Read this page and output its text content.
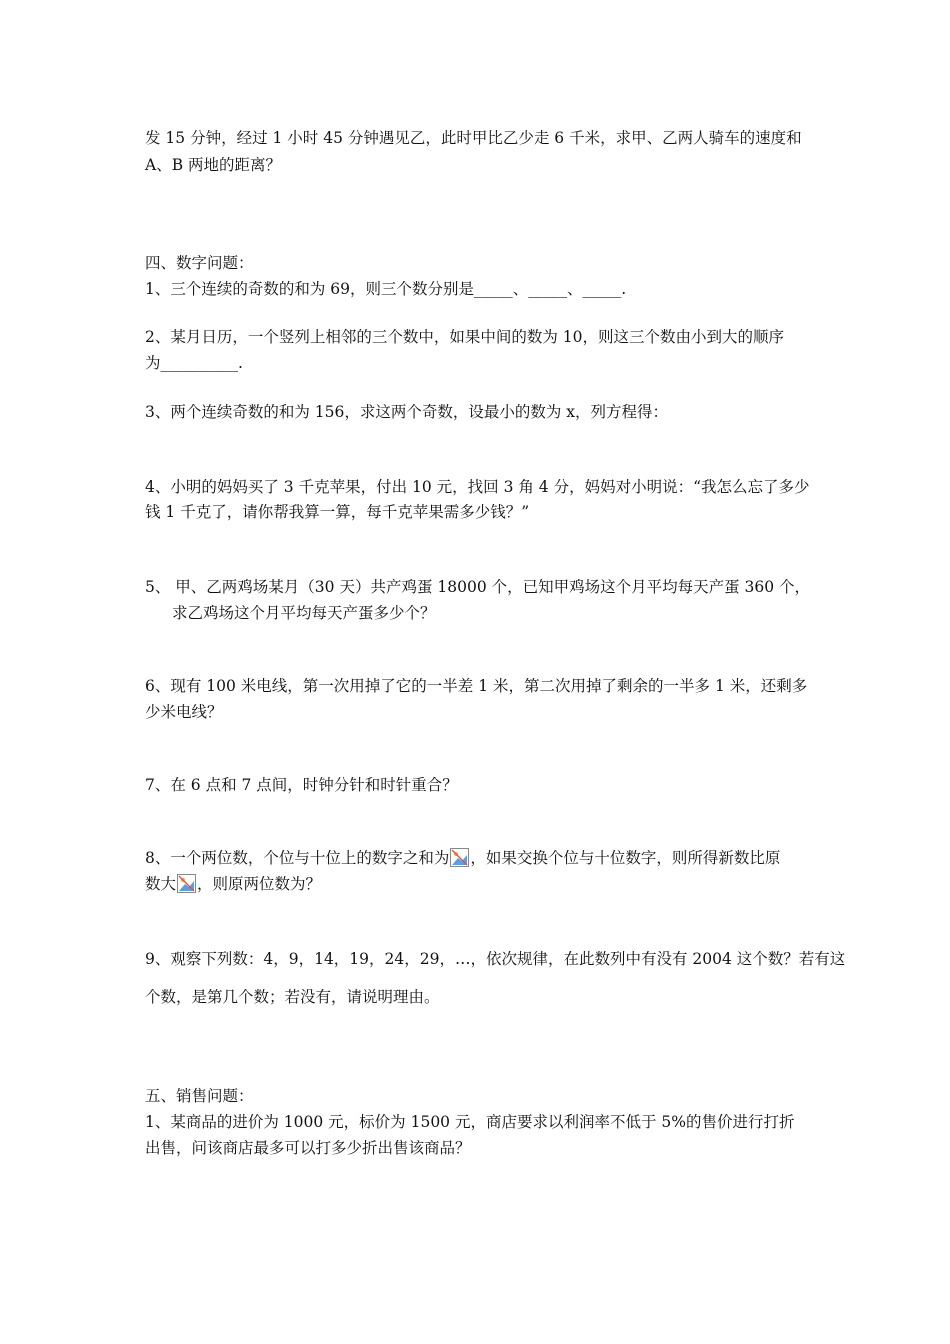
发 15 分钟，经过 1 小时 45 分钟遇见乙，此时甲比乙少走 6 千米，求甲、乙两人骑车的速度和
A、B 两地的距离？
四、数字问题：
1、三个连续的奇数的和为 69，则三个数分别是_____、_____、_____.
2、某月日历，一个竖列上相邻的三个数中，如果中间的数为 10，则这三个数由小到大的顺序
为__________.
3、两个连续奇数的和为 156，求这两个奇数，设最小的数为 x，列方程得：
4、小明的妈妈买了 3 千克苹果，付出 10 元，找回 3 角 4 分，妈妈对小明说：“我怎么忘了多少
钱 1 千克了，请你帮我算一算，每千克苹果需多少钱？”
5、 甲、乙两鸡场某月（30 天）共产鸡蛋 18000 个，已知甲鸡场这个月平均每天产蛋 360 个，
求乙鸡场这个月平均每天产蛋多少个？
6、现有 100 米电线，第一次用掉了它的一半差 1 米，第二次用掉了剩余的一半多 1 米，还剩多
少米电线？
7、在 6 点和 7 点间，时钟分针和时针重合？
8、一个两位数，个位与十位上的数字之和为 ，如果交换个位与十位数字，则所得新数比原
数大 ，则原两位数为？
9、观察下列数：4，9，14，19，24，29，…，依次规律，在此数列中有没有 2004 这个数？若有这
个数，是第几个数；若没有，请说明理由。
五、销售问题：
1、某商品的进价为 1000 元，标价为 1500 元，商店要求以利润率不低于 5%的售价进行打折
出售，问该商店最多可以打多少折出售该商品？
